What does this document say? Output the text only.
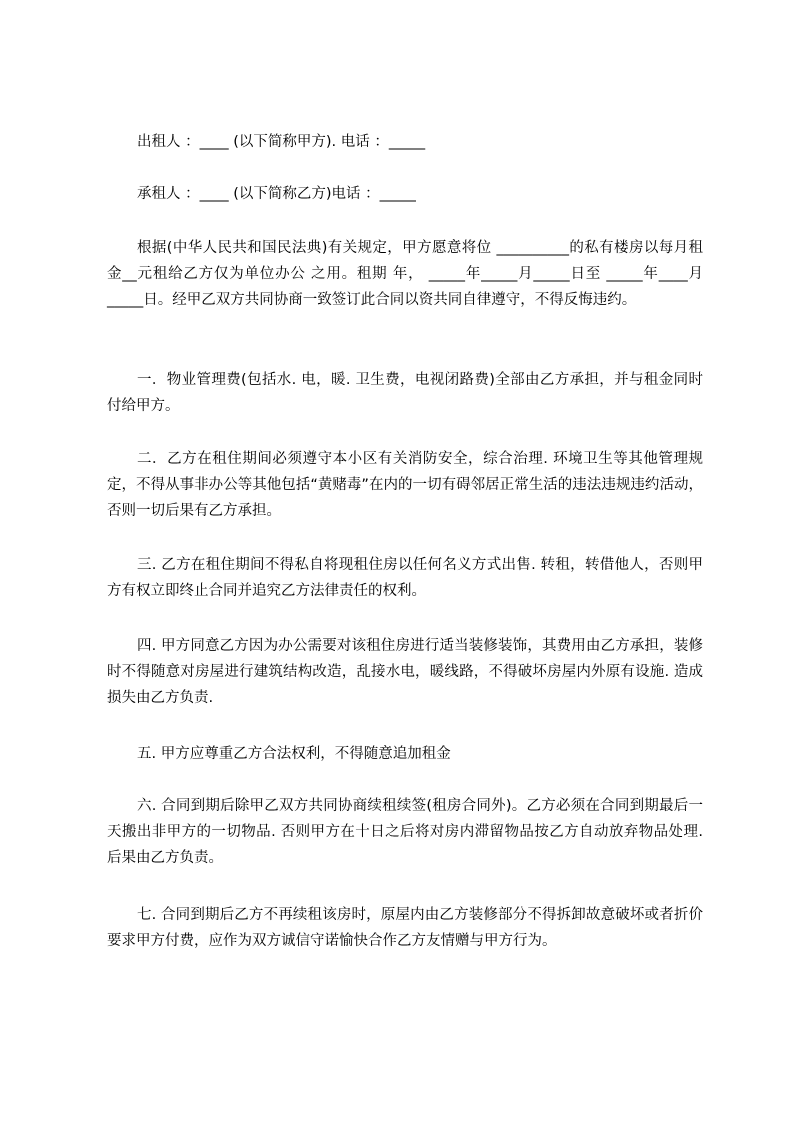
出租人 ：____ (以下简称甲方). 电话 ：_____
承租人 ：____ (以下简称乙方)电话 ：_____

根据(中华人民共和国民法典)有关规定，甲方愿意将位 __________的私有楼房以每月租金__元租给乙方仅为单位办公 之用。租期 年， _____年_____月_____日至 _____年____月_____日。经甲乙双方共同协商一致签订此合同以资共同自律遵守，不得反悔违约。

一．物业管理费(包括水. 电，暖. 卫生费，电视闭路费)全部由乙方承担，并与租金同时付给甲方。

二．乙方在租住期间必须遵守本小区有关消防安全，综合治理. 环境卫生等其他管理规定，不得从事非办公等其他包括“黄赌毒”在内的一切有碍邻居正常生活的违法违规违约活动，否则一切后果有乙方承担。

三. 乙方在租住期间不得私自将现租住房以任何名义方式出售. 转租，转借他人，否则甲方有权立即终止合同并追究乙方法律责任的权利。

四. 甲方同意乙方因为办公需要对该租住房进行适当装修装饰，其费用由乙方承担，装修时不得随意对房屋进行建筑结构改造，乱接水电，暖线路，不得破坏房屋内外原有设施. 造成损失由乙方负责.

五. 甲方应尊重乙方合法权利，不得随意追加租金

六. 合同到期后除甲乙双方共同协商续租续签(租房合同外)。乙方必须在合同到期最后一天搬出非甲方的一切物品. 否则甲方在十日之后将对房内滞留物品按乙方自动放弃物品处理. 后果由乙方负责。

七. 合同到期后乙方不再续租该房时，原屋内由乙方装修部分不得拆卸故意破坏或者折价要求甲方付费，应作为双方诚信守诺愉快合作乙方友情赠与甲方行为。
